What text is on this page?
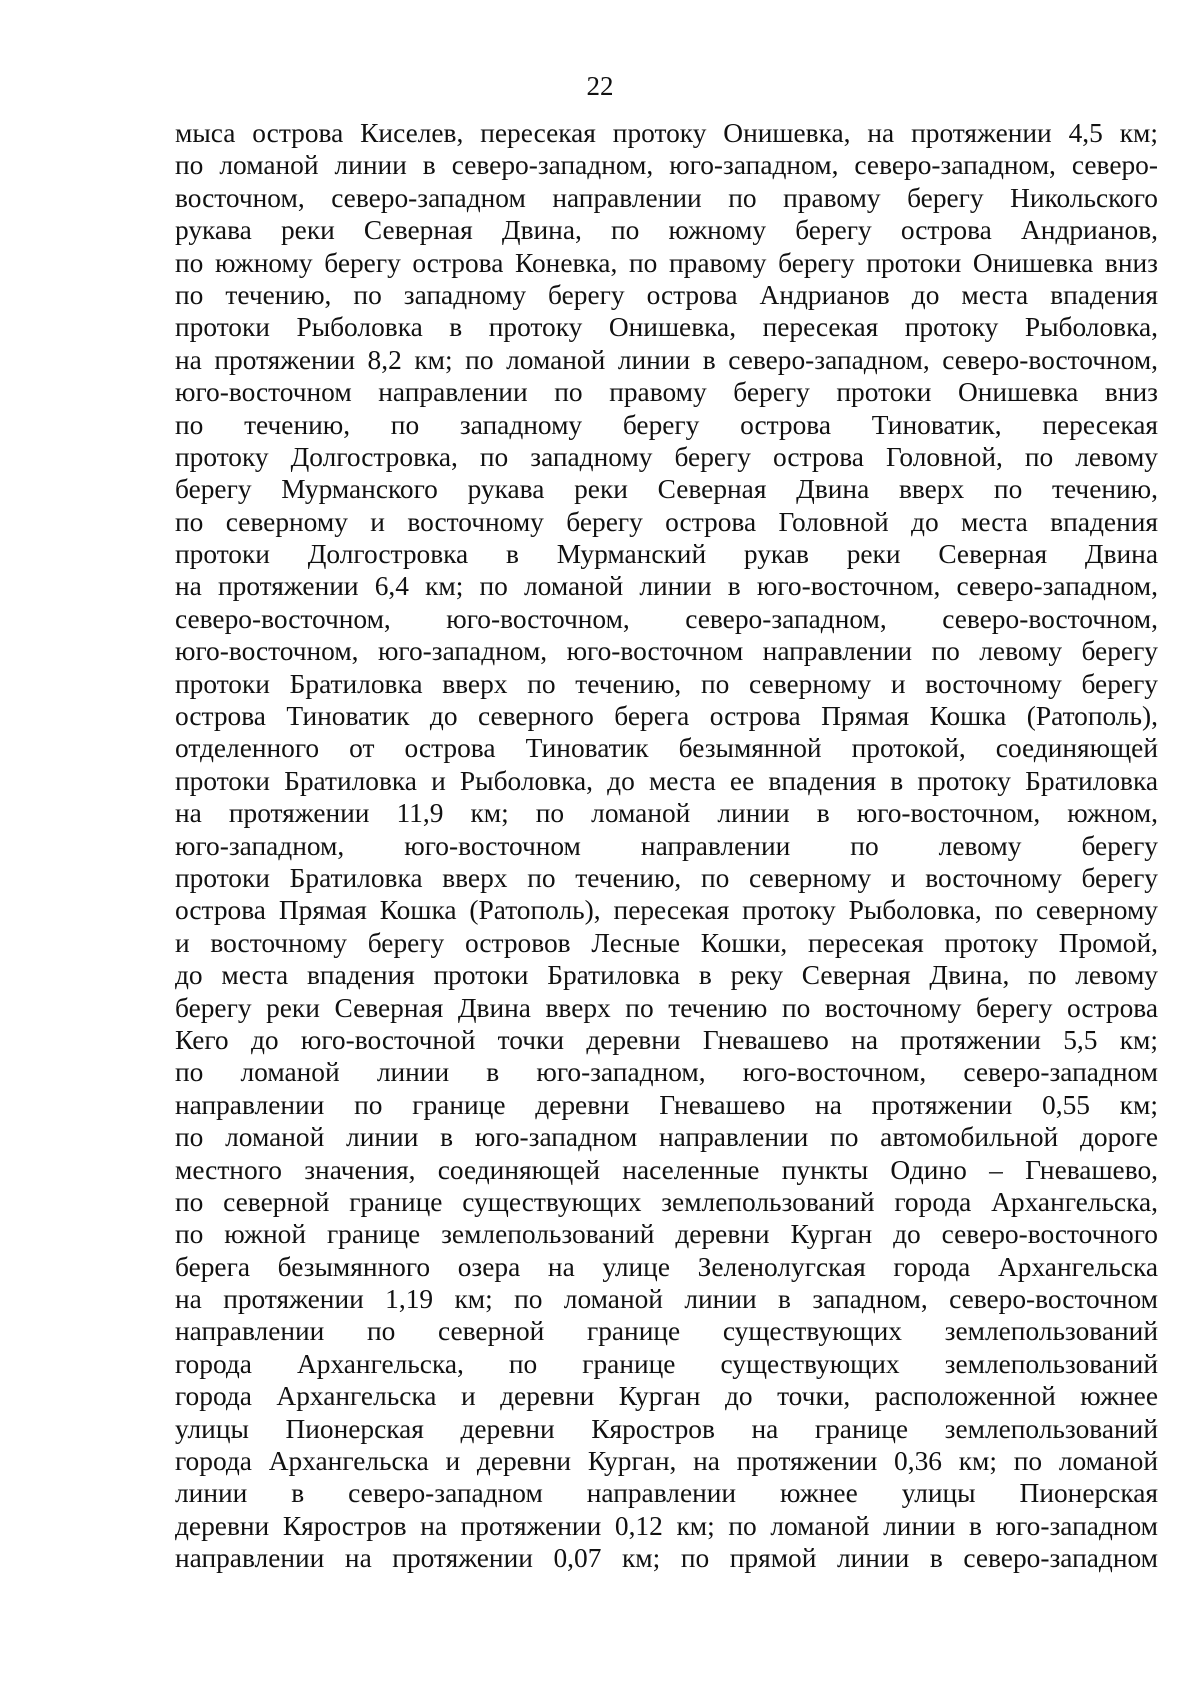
22
мыса острова Киселев, пересекая протоку Онишевка, на протяжении 4,5 км;
по ломаной линии в северо-западном, юго-западном, северо-западном, северо-
восточном, северо-западном направлении по правому берегу Никольского
рукава реки Северная Двина, по южному берегу острова Андрианов,
по южному берегу острова Коневка, по правому берегу протоки Онишевка вниз
по течению, по западному берегу острова Андрианов до места впадения
протоки Рыболовка в протоку Онишевка, пересекая протоку Рыболовка,
на протяжении 8,2 км; по ломаной линии в северо-западном, северо-восточном,
юго-восточном направлении по правому берегу протоки Онишевка вниз
по течению, по западному берегу острова Тиноватик, пересекая
протоку Долгостровка, по западному берегу острова Головной, по левому
берегу Мурманского рукава реки Северная Двина вверх по течению,
по северному и восточному берегу острова Головной до места впадения
протоки Долгостровка в Мурманский рукав реки Северная Двина
на протяжении 6,4 км; по ломаной линии в юго-восточном, северо-западном,
северо-восточном, юго-восточном, северо-западном, северо-восточном,
юго-восточном, юго-западном, юго-восточном направлении по левому берегу
протоки Братиловка вверх по течению, по северному и восточному берегу
острова Тиноватик до северного берега острова Прямая Кошка (Ратополь),
отделенного от острова Тиноватик безымянной протокой, соединяющей
протоки Братиловка и Рыболовка, до места ее впадения в протоку Братиловка
на протяжении 11,9 км; по ломаной линии в юго-восточном, южном,
юго-западном, юго-восточном направлении по левому берегу
протоки Братиловка вверх по течению, по северному и восточному берегу
острова Прямая Кошка (Ратополь), пересекая протоку Рыболовка, по северному
и восточному берегу островов Лесные Кошки, пересекая протоку Промой,
до места впадения протоки Братиловка в реку Северная Двина, по левому
берегу реки Северная Двина вверх по течению по восточному берегу острова
Кего до юго-восточной точки деревни Гневашево на протяжении 5,5 км;
по ломаной линии в юго-западном, юго-восточном, северо-западном
направлении по границе деревни Гневашево на протяжении 0,55 км;
по ломаной линии в юго-западном направлении по автомобильной дороге
местного значения, соединяющей населенные пункты Одино – Гневашево,
по северной границе существующих землепользований города Архангельска,
по южной границе землепользований деревни Курган до северо-восточного
берега безымянного озера на улице Зеленолугская города Архангельска
на протяжении 1,19 км; по ломаной линии в западном, северо-восточном
направлении по северной границе существующих землепользований
города Архангельска, по границе существующих землепользований
города Архангельска и деревни Курган до точки, расположенной южнее
улицы Пионерская деревни Кяростров на границе землепользований
города Архангельска и деревни Курган, на протяжении 0,36 км; по ломаной
линии в северо-западном направлении южнее улицы Пионерская
деревни Кяростров на протяжении 0,12 км; по ломаной линии в юго-западном
направлении на протяжении 0,07 км; по прямой линии в северо-западном
